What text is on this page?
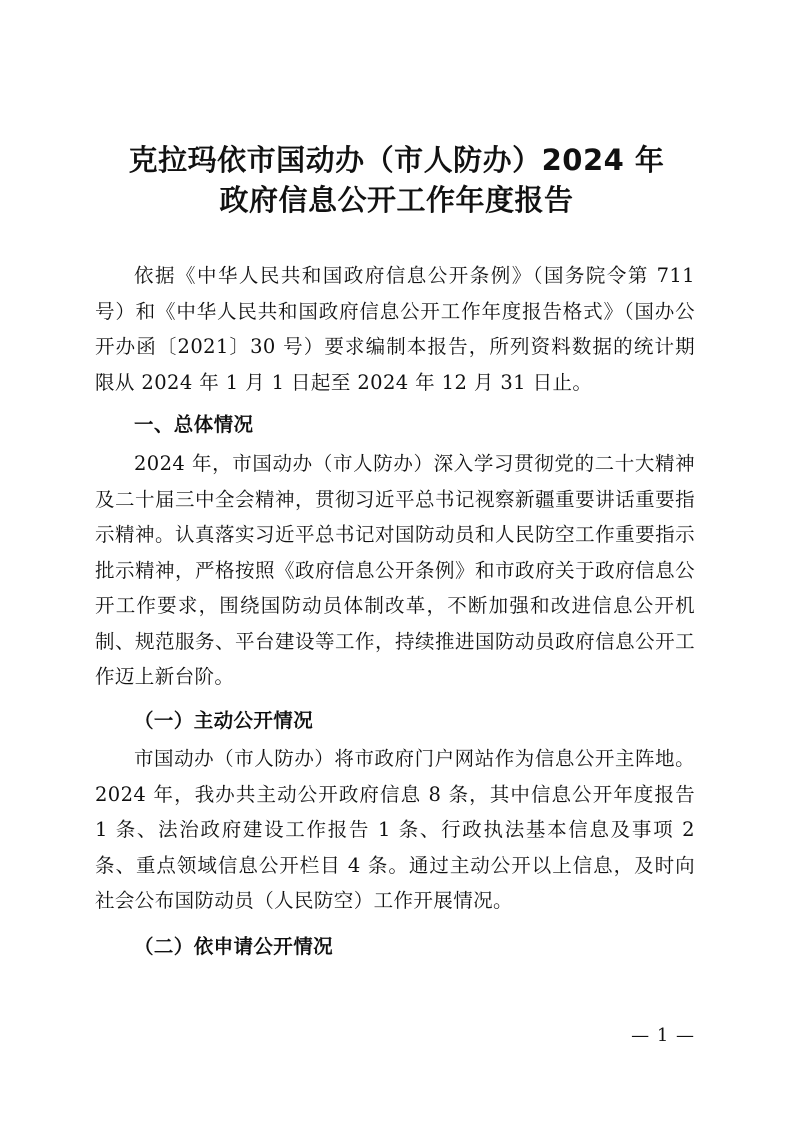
克拉玛依市国动办（市人防办）2024 年
政府信息公开工作年度报告

依据《中华人民共和国政府信息公开条例》（国务院令第 711 号）和《中华人民共和国政府信息公开工作年度报告格式》（国办公开办函〔2021〕30 号）要求编制本报告，所列资料数据的统计期限从 2024 年 1 月 1 日起至 2024 年 12 月 31 日止。

一、总体情况

2024 年，市国动办（市人防办）深入学习贯彻党的二十大精神及二十届三中全会精神，贯彻习近平总书记视察新疆重要讲话重要指示精神。认真落实习近平总书记对国防动员和人民防空工作重要指示批示精神，严格按照《政府信息公开条例》和市政府关于政府信息公开工作要求，围绕国防动员体制改革，不断加强和改进信息公开机制、规范服务、平台建设等工作，持续推进国防动员政府信息公开工作迈上新台阶。

（一）主动公开情况

市国动办（市人防办）将市政府门户网站作为信息公开主阵地。2024 年，我办共主动公开政府信息 8 条，其中信息公开年度报告 1 条、法治政府建设工作报告 1 条、行政执法基本信息及事项 2 条、重点领域信息公开栏目 4 条。通过主动公开以上信息，及时向社会公布国防动员（人民防空）工作开展情况。

（二）依申请公开情况

— 1 —
